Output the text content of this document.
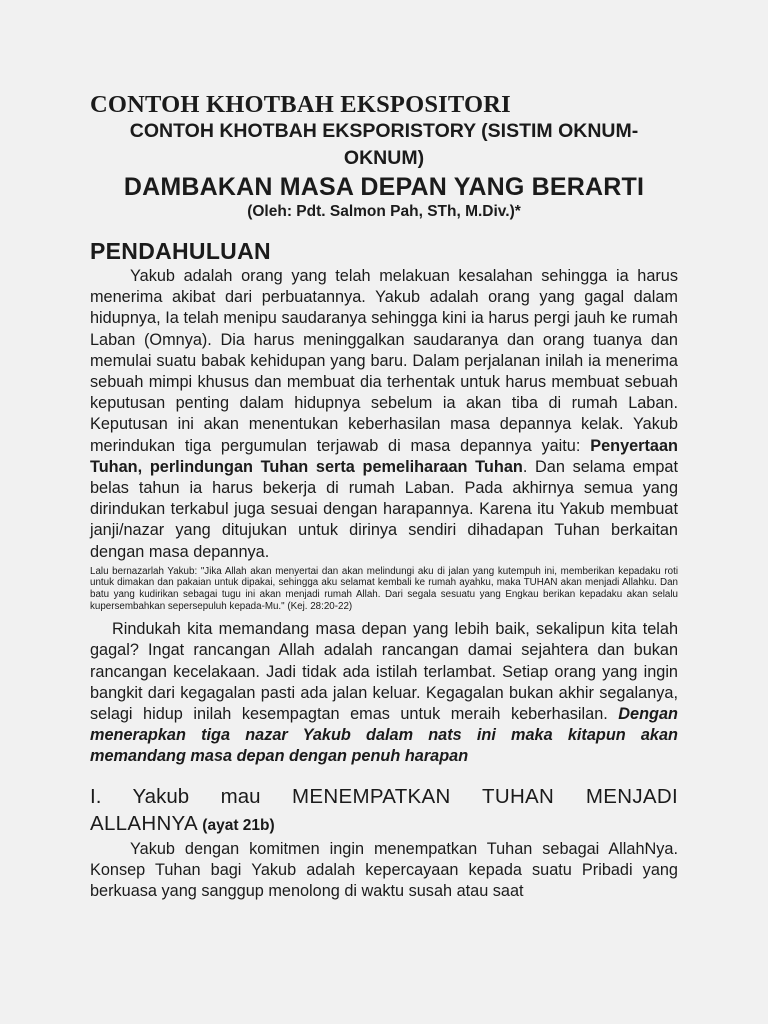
CONTOH KHOTBAH EKSPOSITORI
CONTOH KHOTBAH EKSPORISTORY (SISTIM OKNUM-OKNUM)
DAMBAKAN MASA DEPAN YANG BERARTI
(Oleh: Pdt. Salmon Pah, STh, M.Div.)*
PENDAHULUAN

Yakub adalah orang yang telah melakuan kesalahan sehingga ia harus menerima akibat dari perbuatannya. Yakub adalah orang yang gagal dalam hidupnya, Ia telah menipu saudaranya sehingga kini ia harus pergi jauh ke rumah Laban (Omnya). Dia harus meninggalkan saudaranya dan orang tuanya dan memulai suatu babak kehidupan yang baru. Dalam perjalanan inilah ia menerima sebuah mimpi khusus dan membuat dia terhentak untuk harus membuat sebuah keputusan penting dalam hidupnya sebelum ia akan tiba di rumah Laban. Keputusan ini akan menentukan keberhasilan masa depannya kelak. Yakub merindukan tiga pergumulan terjawab di masa depannya yaitu: Penyertaan Tuhan, perlindungan Tuhan serta pemeliharaan Tuhan. Dan selama empat belas tahun ia harus bekerja di rumah Laban. Pada akhirnya semua yang dirindukan terkabul juga sesuai dengan harapannya. Karena itu Yakub membuat janji/nazar yang ditujukan untuk dirinya sendiri dihadapan Tuhan berkaitan dengan masa depannya.

Lalu bernazarlah Yakub: "Jika Allah akan menyertai dan akan melindungi aku di jalan yang kutempuh ini, memberikan kepadaku roti untuk dimakan dan pakaian untuk dipakai, sehingga aku selamat kembali ke rumah ayahku, maka TUHAN akan menjadi Allahku. Dan batu yang kudirikan sebagai tugu ini akan menjadi rumah Allah. Dari segala sesuatu yang Engkau berikan kepadaku akan selalu kupersembahkan sepersepuluh kepada-Mu." (Kej. 28:20-22)

Rindukah kita memandang masa depan yang lebih baik, sekalipun kita telah gagal? Ingat rancangan Allah adalah rancangan damai sejahtera dan bukan rancangan kecelakaan. Jadi tidak ada istilah terlambat. Setiap orang yang ingin bangkit dari kegagalan pasti ada jalan keluar. Kegagalan bukan akhir segalanya, selagi hidup inilah kesempagtan emas untuk meraih keberhasilan. Dengan menerapkan tiga nazar Yakub dalam nats ini maka kitapun akan memandang masa depan dengan penuh harapan

I. Yakub mau MENEMPATKAN TUHAN MENJADI
ALLAHNYA (ayat 21b)

Yakub dengan komitmen ingin menempatkan Tuhan sebagai AllahNya. Konsep Tuhan bagi Yakub adalah kepercayaan kepada suatu Pribadi yang berkuasa yang sanggup menolong di waktu susah atau saat
